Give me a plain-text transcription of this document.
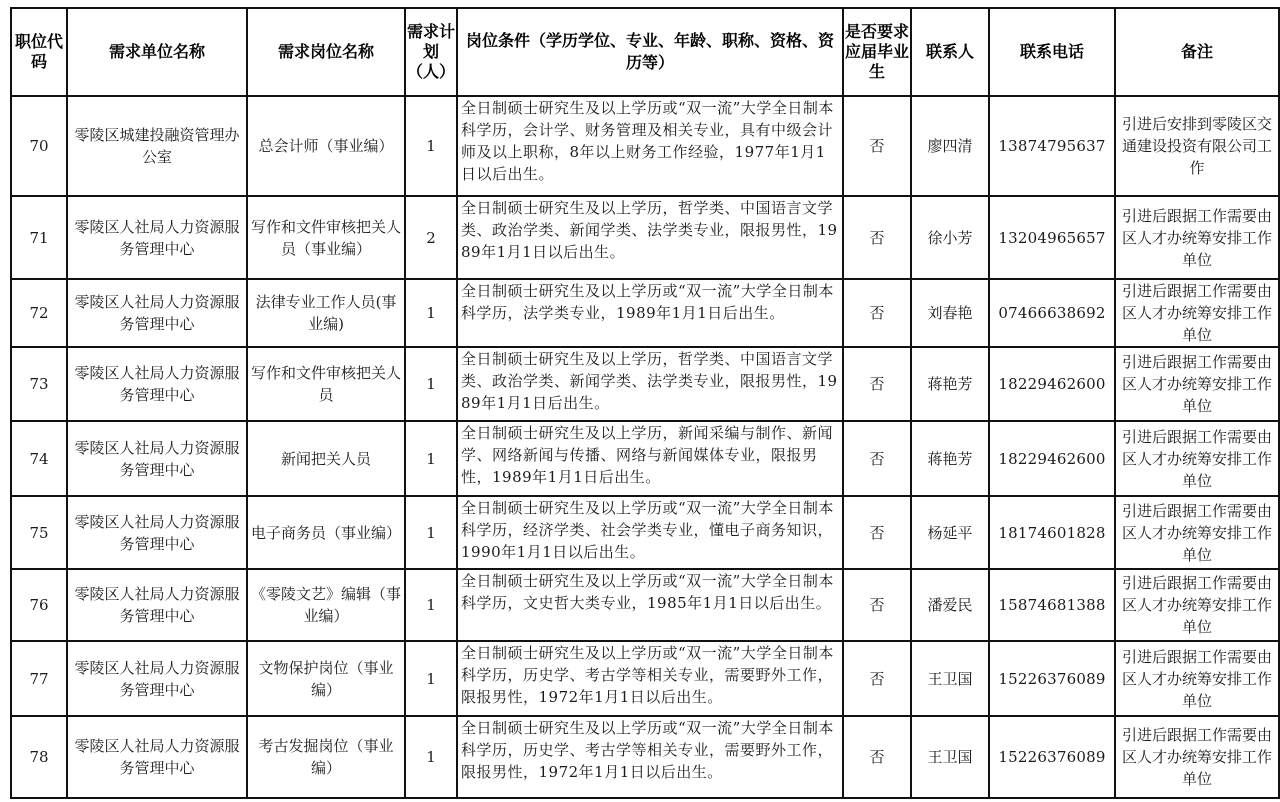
职位代码	需求单位名称	需求岗位名称	需求计划（人）	岗位条件（学历学位、专业、年龄、职称、资格、资历等）	是否要求应届毕业生	联系人	联系电话	备注
70	零陵区城建投融资管理办公室	总会计师（事业编）	1	全日制硕士研究生及以上学历或“双一流”大学全日制本科学历，会计学、财务管理及相关专业，具有中级会计师及以上职称，8年以上财务工作经验，1977年1月1日以后出生。	否	廖四清	13874795637	引进后安排到零陵区交通建设投资有限公司工作
71	零陵区人社局人力资源服务管理中心	写作和文件审核把关人员（事业编）	2	全日制硕士研究生及以上学历，哲学类、中国语言文学类、政治学类、新闻学类、法学类专业，限报男性，1989年1月1日以后出生。	否	徐小芳	13204965657	引进后跟据工作需要由区人才办统筹安排工作单位
72	零陵区人社局人力资源服务管理中心	法律专业工作人员(事业编)	1	全日制硕士研究生及以上学历或“双一流”大学全日制本科学历，法学类专业，1989年1月1日后出生。	否	刘春艳	07466638692	引进后跟据工作需要由区人才办统筹安排工作单位
73	零陵区人社局人力资源服务管理中心	写作和文件审核把关人员	1	全日制硕士研究生及以上学历，哲学类、中国语言文学类、政治学类、新闻学类、法学类专业，限报男性，1989年1月1日后出生。	否	蒋艳芳	18229462600	引进后跟据工作需要由区人才办统筹安排工作单位
74	零陵区人社局人力资源服务管理中心	新闻把关人员	1	全日制硕士研究生及以上学历，新闻采编与制作、新闻学、网络新闻与传播、网络与新闻媒体专业，限报男性，1989年1月1日后出生。	否	蒋艳芳	18229462600	引进后跟据工作需要由区人才办统筹安排工作单位
75	零陵区人社局人力资源服务管理中心	电子商务员（事业编）	1	全日制硕士研究生及以上学历或“双一流”大学全日制本科学历，经济学类、社会学类专业，懂电子商务知识，1990年1月1日以后出生。	否	杨延平	18174601828	引进后跟据工作需要由区人才办统筹安排工作单位
76	零陵区人社局人力资源服务管理中心	《零陵文艺》编辑（事业编）	1	全日制硕士研究生及以上学历或“双一流”大学全日制本科学历，文史哲大类专业，1985年1月1日以后出生。	否	潘爱民	15874681388	引进后跟据工作需要由区人才办统筹安排工作单位
77	零陵区人社局人力资源服务管理中心	文物保护岗位（事业编）	1	全日制硕士研究生及以上学历或“双一流”大学全日制本科学历，历史学、考古学等相关专业，需要野外工作，限报男性，1972年1月1日以后出生。	否	王卫国	15226376089	引进后跟据工作需要由区人才办统筹安排工作单位
78	零陵区人社局人力资源服务管理中心	考古发掘岗位（事业编）	1	全日制硕士研究生及以上学历或“双一流”大学全日制本科学历，历史学、考古学等相关专业，需要野外工作，限报男性，1972年1月1日以后出生。	否	王卫国	15226376089	引进后跟据工作需要由区人才办统筹安排工作单位
